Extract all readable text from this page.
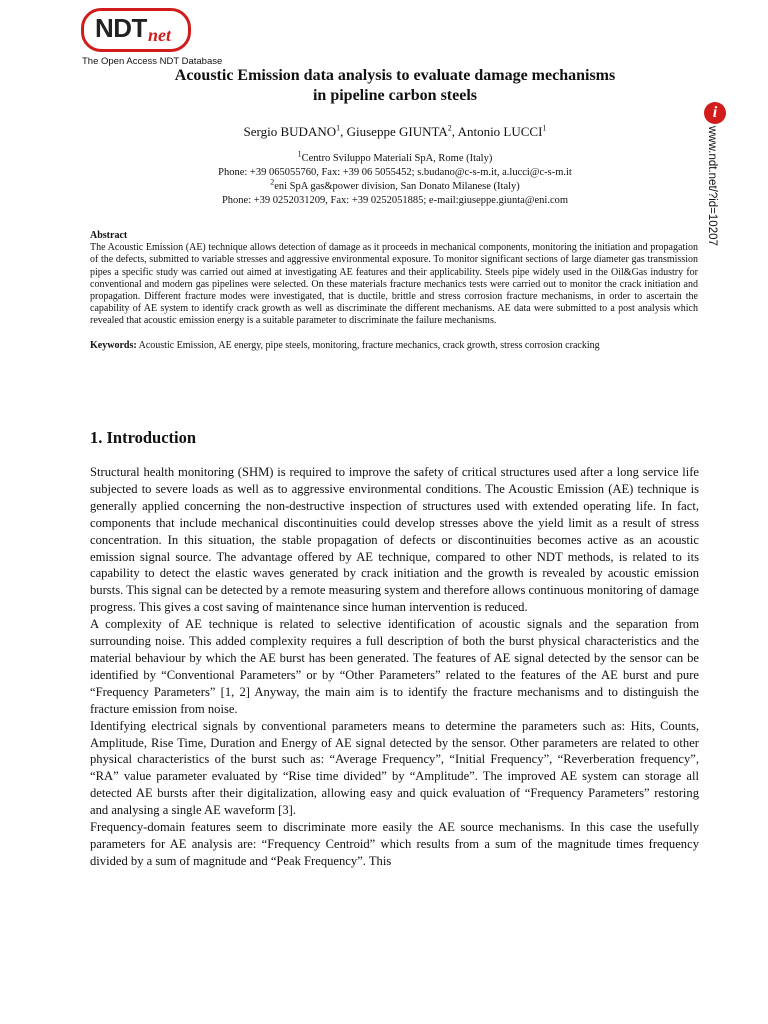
NDT net
The Open Access NDT Database
i
www.ndt.net/?id=10207
Acoustic Emission data analysis to evaluate damage mechanisms
in pipeline carbon steels
Sergio BUDANO$^1$, Giuseppe GIUNTA$^2$, Antonio LUCCI$^1$
$^1$Centro Sviluppo Materiali SpA, Rome (Italy)
Phone: +39 065055760, Fax: +39 06 5055452; s.budano@c-s-m.it, a.lucci@c-s-m.it
$^2$eni SpA gas&power division, San Donato Milanese (Italy)
Phone: +39 0252031209, Fax: +39 0252051885; e-mail:giuseppe.giunta@eni.com
Abstract
The Acoustic Emission (AE) technique allows detection of damage as it proceeds in mechanical components, monitoring the initiation and propagation of the defects, submitted to variable stresses and aggressive environmental exposure. To monitor significant sections of large diameter gas transmission pipes a specific study was carried out aimed at investigating AE features and their applicability. Steels pipe widely used in the Oil&Gas industry for conventional and modern gas pipelines were selected. On these materials fracture mechanics tests were carried out to monitor the crack initiation and propagation. Different fracture modes were investigated, that is ductile, brittle and stress corrosion fracture mechanisms, in order to ascertain the capability of AE system to identify crack growth as well as discriminate the different mechanisms. AE data were submitted to a post analysis which revealed that acoustic emission energy is a suitable parameter to discriminate the failure mechanisms.
Keywords: Acoustic Emission, AE energy, pipe steels, monitoring, fracture mechanics, crack growth, stress corrosion cracking
1. Introduction

Structural health monitoring (SHM) is required to improve the safety of critical structures used after a long service life subjected to severe loads as well as to aggressive environmental conditions. The Acoustic Emission (AE) technique is generally applied concerning the non-destructive inspection of structures used with extended operating life. In fact, components that include mechanical discontinuities could develop stresses above the yield limit as a result of stress concentration. In this situation, the stable propagation of defects or discontinuities becomes active as an acoustic emission signal source. The advantage offered by AE technique, compared to other NDT methods, is related to its capability to detect the elastic waves generated by crack initiation and the growth is revealed by acoustic emission bursts. This signal can be detected by a remote measuring system and therefore allows continuous monitoring of damage progress. This gives a cost saving of maintenance since human intervention is reduced.

A complexity of AE technique is related to selective identification of acoustic signals and the separation from surrounding noise. This added complexity requires a full description of both the burst physical characteristics and the material behaviour by which the AE burst has been generated. The features of AE signal detected by the sensor can be identified by “Conventional Parameters” or by “Other Parameters” related to the features of the AE burst and pure “Frequency Parameters” [1, 2] Anyway, the main aim is to identify the fracture mechanisms and to distinguish the fracture emission from noise.

Identifying electrical signals by conventional parameters means to determine the parameters such as: Hits, Counts, Amplitude, Rise Time, Duration and Energy of AE signal detected by the sensor. Other parameters are related to other physical characteristics of the burst such as: “Average Frequency”, “Initial Frequency”, “Reverberation frequency”, “RA” value parameter evaluated by “Rise time divided” by “Amplitude”. The improved AE system can storage all detected AE bursts after their digitalization, allowing easy and quick evaluation of “Frequency Parameters” restoring and analysing a single AE waveform [3].

Frequency-domain features seem to discriminate more easily the AE source mechanisms. In this case the usefully parameters for AE analysis are: “Frequency Centroid” which results from a sum of the magnitude times frequency divided by a sum of magnitude and “Peak Frequency”. This
